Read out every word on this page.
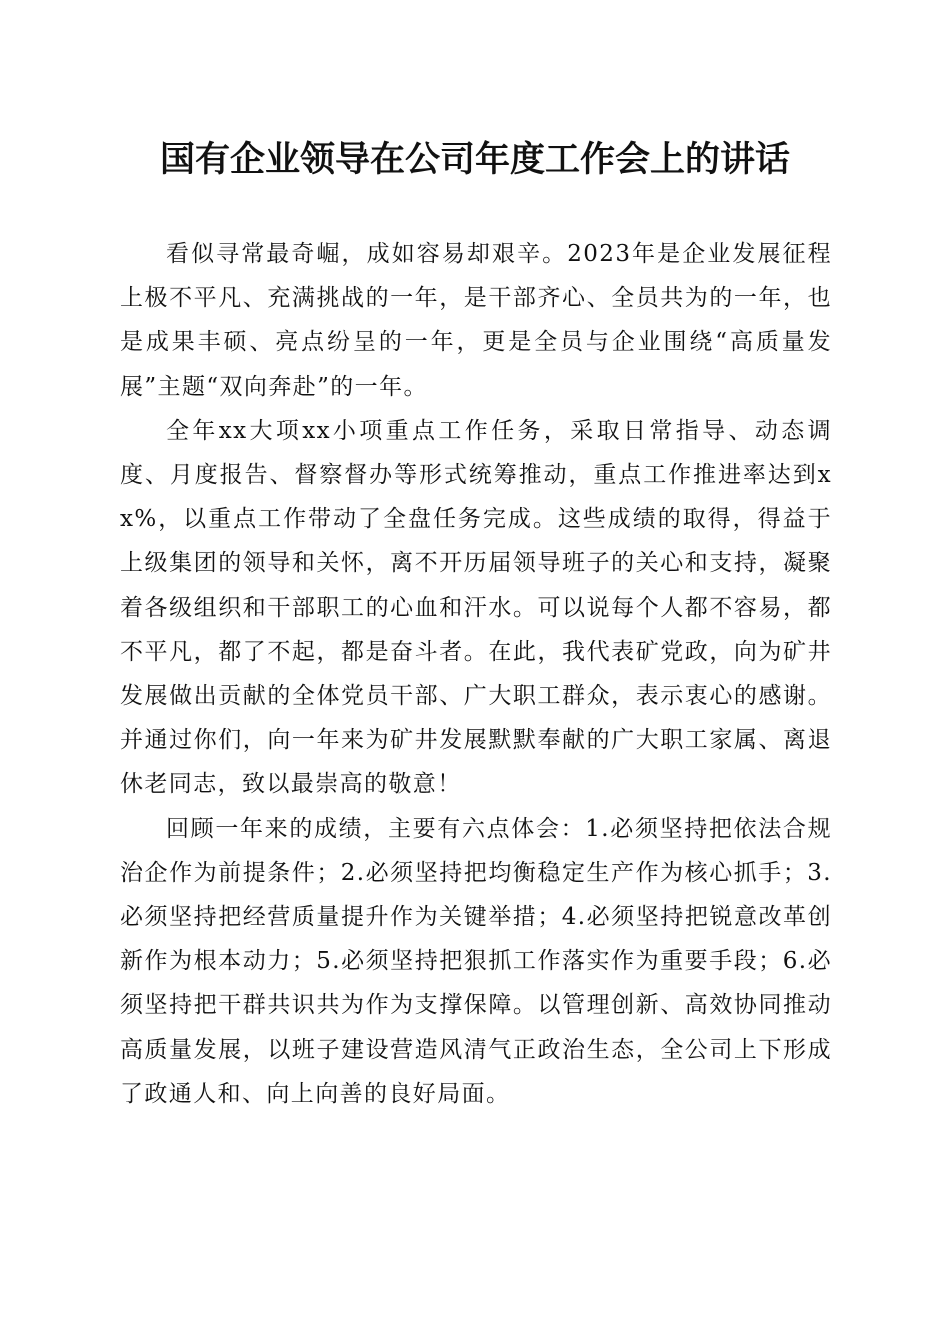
国有企业领导在公司年度工作会上的讲话

看似寻常最奇崛，成如容易却艰辛。2023年是企业发展征程上极不平凡、充满挑战的一年，是干部齐心、全员共为的一年，也是成果丰硕、亮点纷呈的一年，更是全员与企业围绕“高质量发展”主题“双向奔赴”的一年。

全年xx大项xx小项重点工作任务，采取日常指导、动态调度、月度报告、督察督办等形式统筹推动，重点工作推进率达到xx%，以重点工作带动了全盘任务完成。这些成绩的取得，得益于上级集团的领导和关怀，离不开历届领导班子的关心和支持，凝聚着各级组织和干部职工的心血和汗水。可以说每个人都不容易，都不平凡，都了不起，都是奋斗者。在此，我代表矿党政，向为矿井发展做出贡献的全体党员干部、广大职工群众，表示衷心的感谢。并通过你们，向一年来为矿井发展默默奉献的广大职工家属、离退休老同志，致以最崇高的敬意！

回顾一年来的成绩，主要有六点体会：1.必须坚持把依法合规治企作为前提条件；2.必须坚持把均衡稳定生产作为核心抓手；3.必须坚持把经营质量提升作为关键举措；4.必须坚持把锐意改革创新作为根本动力；5.必须坚持把狠抓工作落实作为重要手段；6.必须坚持把干群共识共为作为支撑保障。以管理创新、高效协同推动高质量发展，以班子建设营造风清气正政治生态，全公司上下形成了政通人和、向上向善的良好局面。
